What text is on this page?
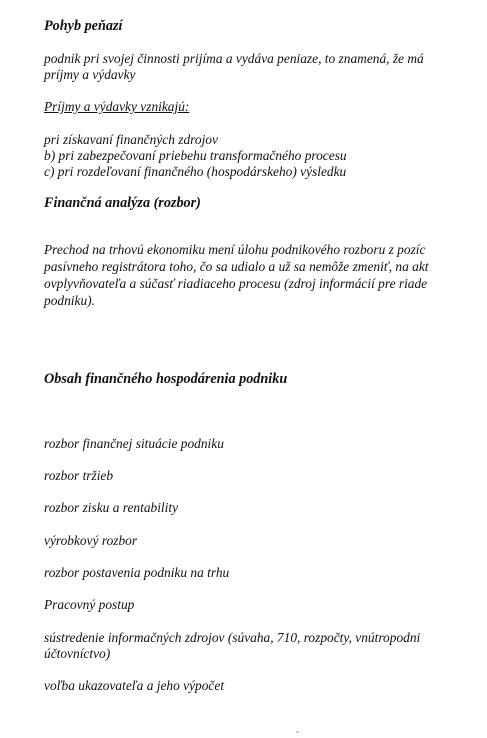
Pohyb peňazí
podnik pri svojej činnosti prijíma a vydáva peniaze, to znamená, že má
príjmy a výdavky
Príjmy a výdavky vznikajú:
pri získavaní finančných zdrojov
b) pri zabezpečovaní priebehu transformačného procesu
c) pri rozdeľovaní finančného (hospodárskeho) výsledku
Finančná analýza (rozbor)
Prechod na trhovú ekonomiku mení úlohu podnikového rozboru z pozíc
pasívneho registrátora toho, čo sa udialo a už sa nemôže zmeniť, na akt
ovplyvňovateľa a súčasť riadiaceho procesu (zdroj informácií pre riade
podniku).
Obsah finančného hospodárenia podniku
rozbor finančnej situácie podniku
rozbor tržieb
rozbor zisku a rentability
výrobkový rozbor
rozbor postavenia podniku na trhu
Pracovný postup
sústredenie informačných zdrojov (súvaha, 710, rozpočty, vnútropodni
účtovníctvo)
voľba ukazovateľa a jeho výpočet
ˆ
